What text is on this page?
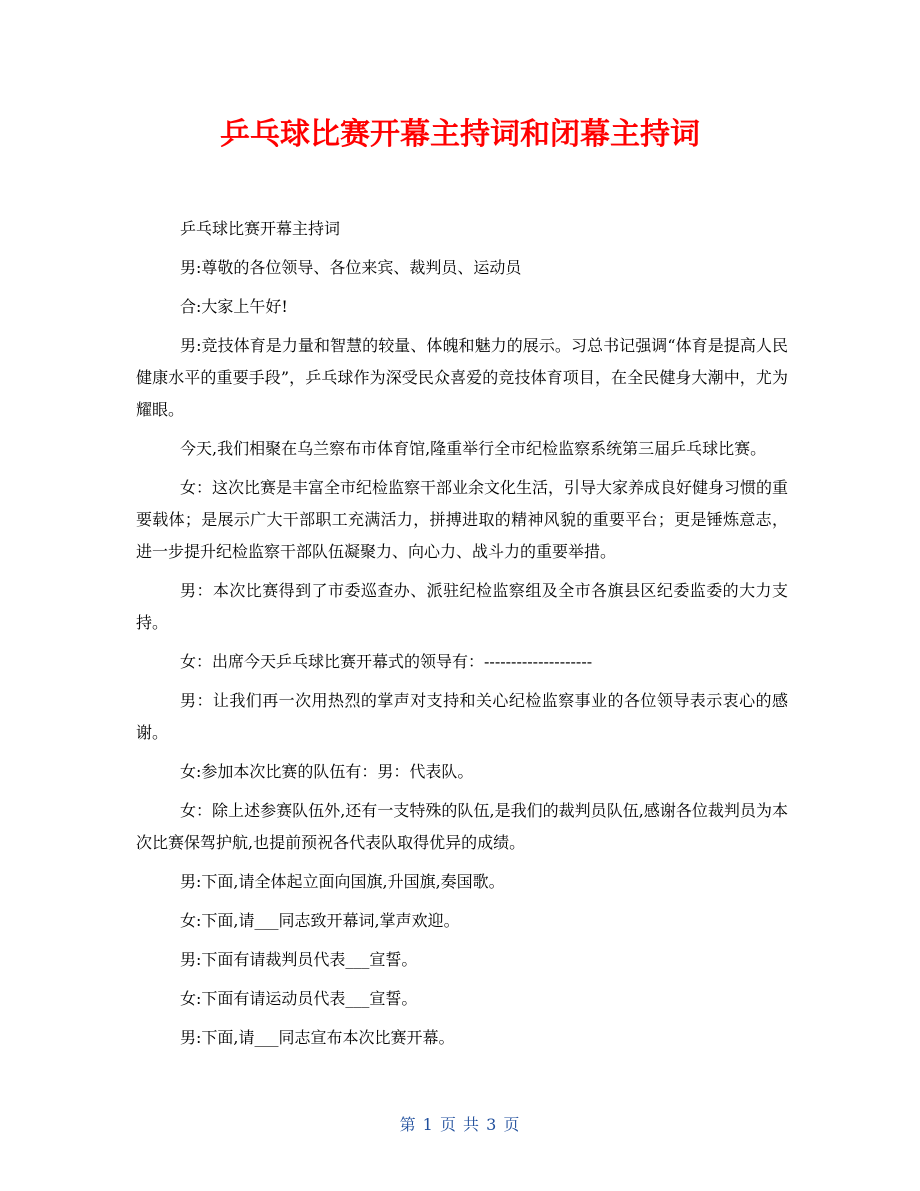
乒乓球比赛开幕主持词和闭幕主持词

乒乓球比赛开幕主持词

男:尊敬的各位领导、各位来宾、裁判员、运动员

合:大家上午好!

男:竞技体育是力量和智慧的较量、体魄和魅力的展示。习总书记强调“体育是提高人民健康水平的重要手段”，乒乓球作为深受民众喜爱的竞技体育项目，在全民健身大潮中，尤为耀眼。

今天,我们相聚在乌兰察布市体育馆,隆重举行全市纪检监察系统第三届乒乓球比赛。

女：这次比赛是丰富全市纪检监察干部业余文化生活，引导大家养成良好健身习惯的重要载体；是展示广大干部职工充满活力，拼搏进取的精神风貌的重要平台；更是锤炼意志，进一步提升纪检监察干部队伍凝聚力、向心力、战斗力的重要举措。

男：本次比赛得到了市委巡查办、派驻纪检监察组及全市各旗县区纪委监委的大力支持。

女：出席今天乒乓球比赛开幕式的领导有：--------------------

男：让我们再一次用热烈的掌声对支持和关心纪检监察事业的各位领导表示衷心的感谢。

女:参加本次比赛的队伍有：男：代表队。

女：除上述参赛队伍外,还有一支特殊的队伍,是我们的裁判员队伍,感谢各位裁判员为本次比赛保驾护航,也提前预祝各代表队取得优异的成绩。

男:下面,请全体起立面向国旗,升国旗,奏国歌。

女:下面,请___同志致开幕词,掌声欢迎。

男:下面有请裁判员代表___宣誓。

女:下面有请运动员代表___宣誓。

男:下面,请___同志宣布本次比赛开幕。

第 1 页 共 3 页
